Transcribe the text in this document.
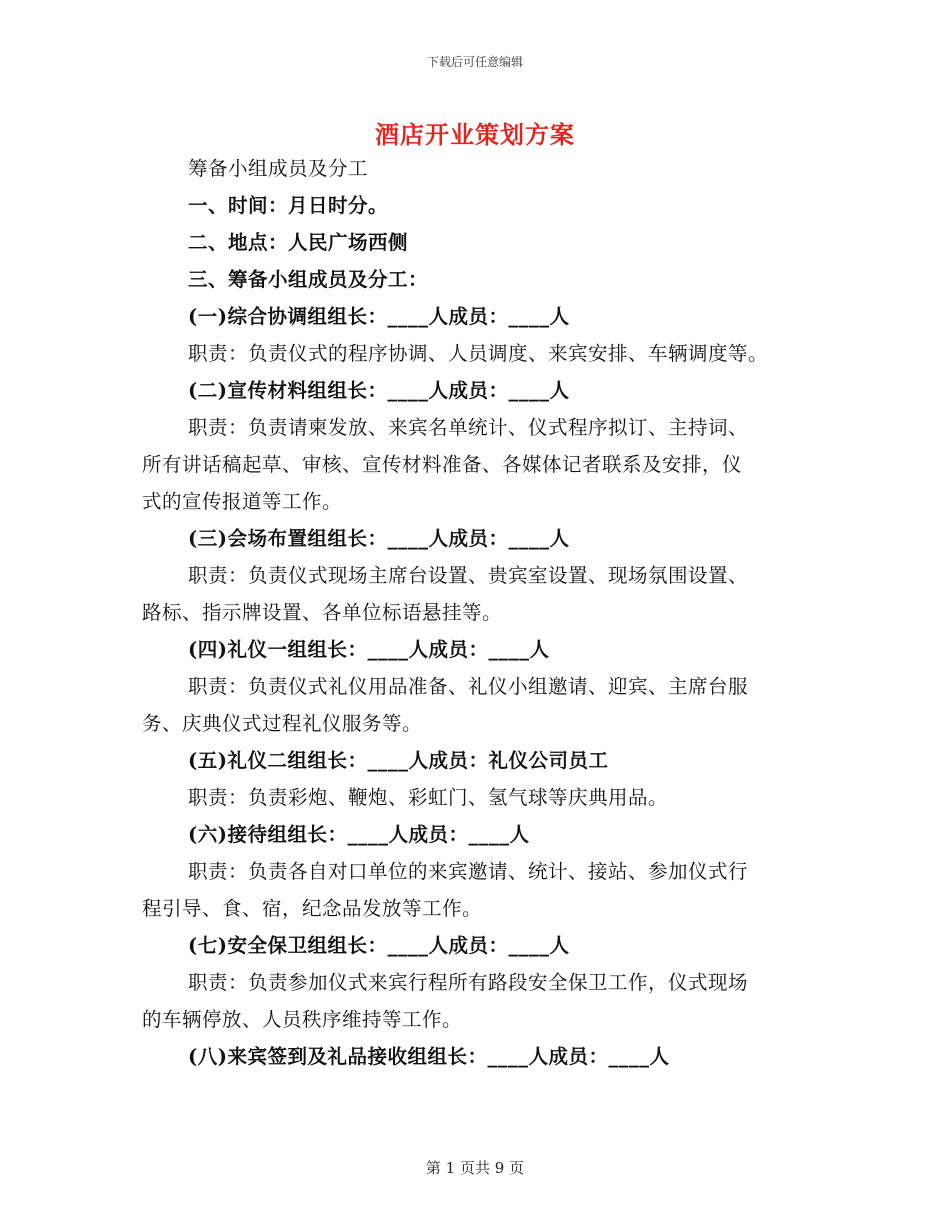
下载后可任意编辑
酒店开业策划方案
筹备小组成员及分工
一、时间：月日时分。
二、地点：人民广场西侧
三、筹备小组成员及分工：
(一)综合协调组组长：____人成员：____人
职责：负责仪式的程序协调、人员调度、来宾安排、车辆调度等。
(二)宣传材料组组长：____人成员：____人
职责：负责请柬发放、来宾名单统计、仪式程序拟订、主持词、
所有讲话稿起草、审核、宣传材料准备、各媒体记者联系及安排，仪
式的宣传报道等工作。
(三)会场布置组组长：____人成员：____人
职责：负责仪式现场主席台设置、贵宾室设置、现场氛围设置、
路标、指示牌设置、各单位标语悬挂等。
(四)礼仪一组组长：____人成员：____人
职责：负责仪式礼仪用品准备、礼仪小组邀请、迎宾、主席台服
务、庆典仪式过程礼仪服务等。
(五)礼仪二组组长：____人成员：礼仪公司员工
职责：负责彩炮、鞭炮、彩虹门、氢气球等庆典用品。
(六)接待组组长：____人成员：____人
职责：负责各自对口单位的来宾邀请、统计、接站、参加仪式行
程引导、食、宿，纪念品发放等工作。
(七)安全保卫组组长：____人成员：____人
职责：负责参加仪式来宾行程所有路段安全保卫工作，仪式现场
的车辆停放、人员秩序维持等工作。
(八)来宾签到及礼品接收组组长：____人成员：____人
第 1 页共 9 页
